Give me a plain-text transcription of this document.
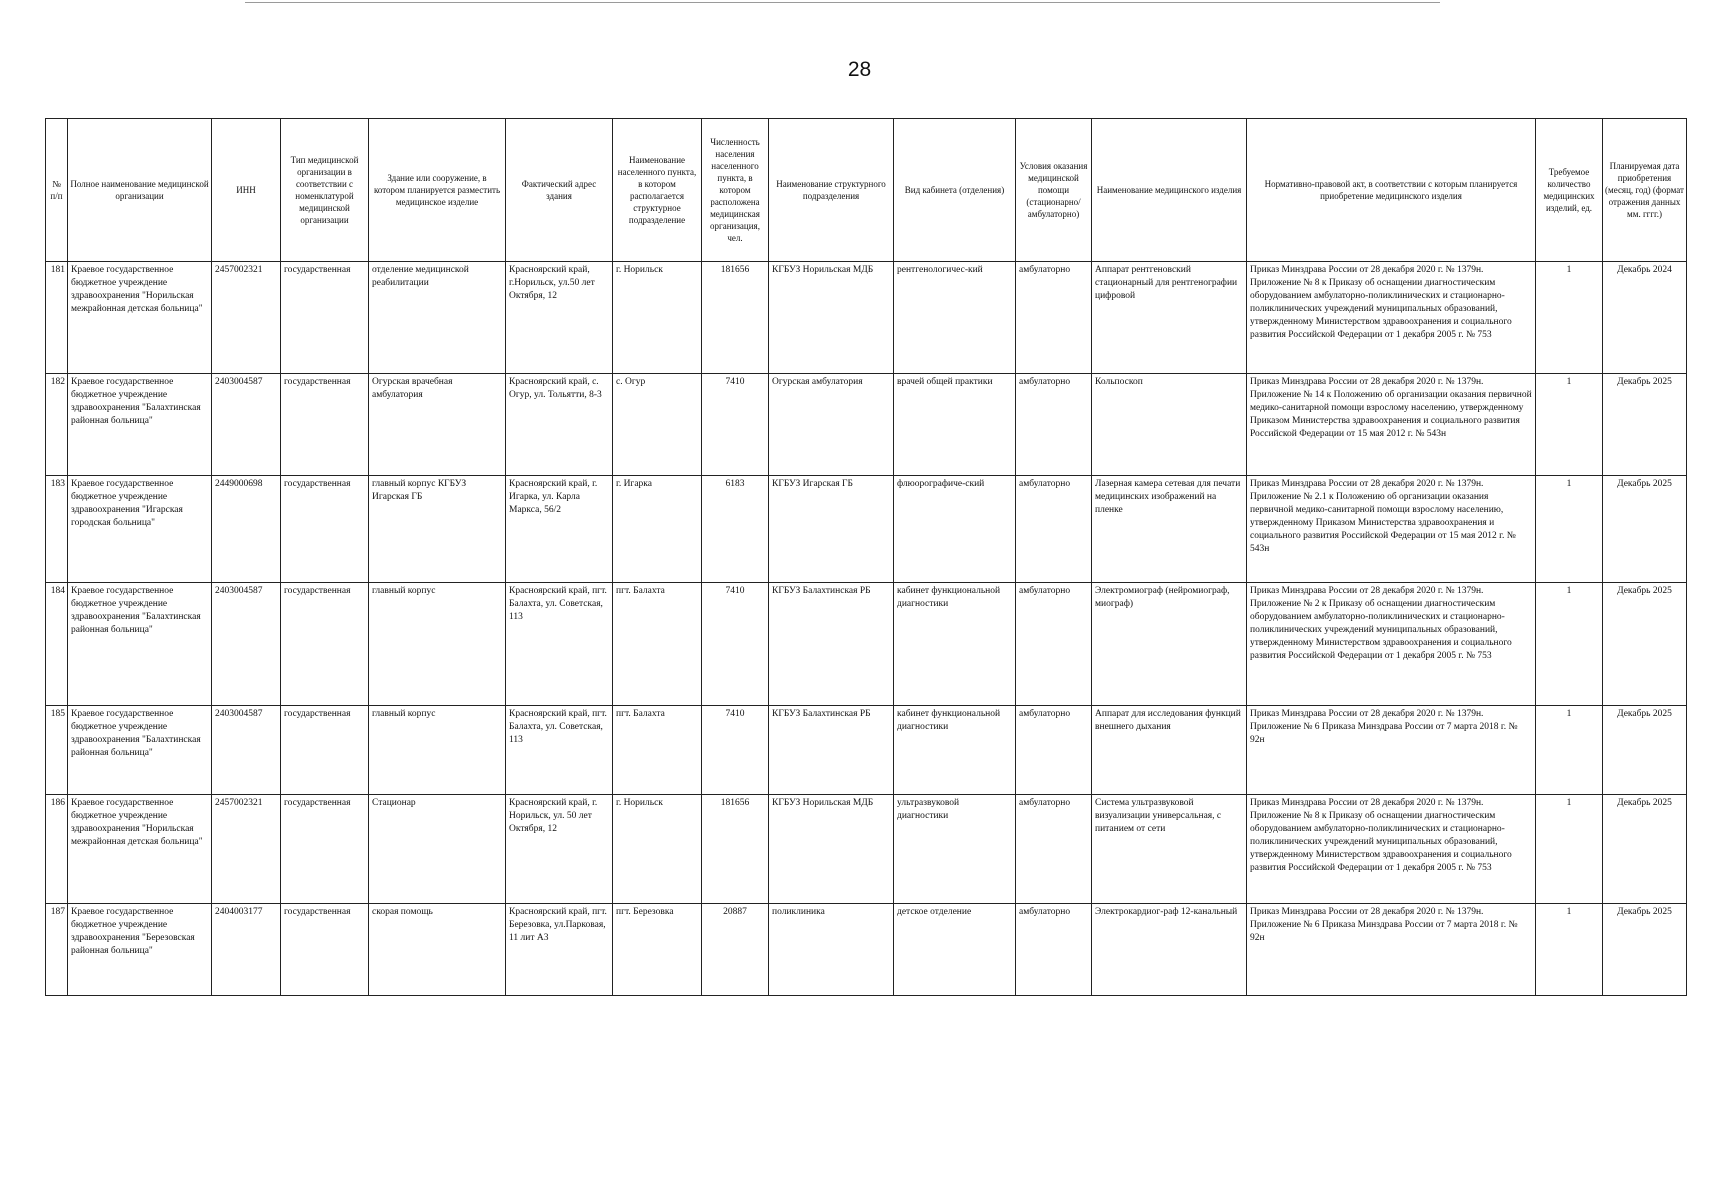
28
№ п/п	Полное наименование медицинской организации	ИНН	Тип медицинской организации в соответствии с номенклатурой медицинской организации	Здание или сооружение, в котором планируется разместить медицинское изделие	Фактический адрес здания	Наименование населенного пункта, в котором располагается структурное подразделение	Численность населения населенного пункта, в котором расположена медицинская организация, чел.	Наименование структурного подразделения	Вид кабинета (отделения)	Условия оказания медицинской помощи (стационарно/ амбулаторно)	Наименование медицинского изделия	Нормативно-правовой акт, в соответствии с которым планируется приобретение медицинского изделия	Требуемое количество медицинских изделий, ед.	Планируемая дата приобретения (месяц, год) (формат отражения данных мм. гггг.)
181	Краевое государственное бюджетное учреждение здравоохранения "Норильская межрайонная детская больница"	2457002321	государственная	отделение медицинской реабилитации	Красноярский край, г.Норильск, ул.50 лет Октября, 12	г. Норильск	181656	КГБУЗ Норильская МДБ	рентгенологичес-кий	амбулаторно	Аппарат рентгеновский стационарный для рентгенографии цифровой	Приказ Минздрава России от 28 декабря 2020 г. № 1379н. Приложение № 8 к Приказу об оснащении диагностическим оборудованием амбулаторно-поликлинических и стационарно-поликлинических учреждений муниципальных образований, утвержденному Министерством здравоохранения и социального развития Российской Федерации от 1 декабря 2005 г. № 753	1	Декабрь 2024
182	Краевое государственное бюджетное учреждение здравоохранения "Балахтинская районная больница"	2403004587	государственная	Огурская врачебная амбулатория	Красноярский край, с. Огур, ул. Тольятти, 8-3	с. Огур	7410	Огурская амбулатория	врачей общей практики	амбулаторно	Кольпоскоп	Приказ Минздрава России от 28 декабря 2020 г. № 1379н. Приложение № 14 к Положению об организации оказания первичной медико-санитарной помощи взрослому населению, утвержденному Приказом Министерства здравоохранения и социального развития Российской Федерации от 15 мая 2012 г. № 543н	1	Декабрь 2025
183	Краевое государственное бюджетное учреждение здравоохранения "Игарская городская больница"	2449000698	государственная	главный корпус КГБУЗ Игарская ГБ	Красноярский край, г. Игарка, ул. Карла Маркса, 56/2	г. Игарка	6183	КГБУЗ Игарская ГБ	флюорографиче-ский	амбулаторно	Лазерная камера сетевая для печати медицинских изображений на пленке	Приказ Минздрава России от 28 декабря 2020 г. № 1379н. Приложение № 2.1 к Положению об организации оказания первичной медико-санитарной помощи взрослому населению, утвержденному Приказом Министерства здравоохранения и социального развития Российской Федерации от 15 мая 2012 г. № 543н	1	Декабрь 2025
184	Краевое государственное бюджетное учреждение здравоохранения "Балахтинская районная больница"	2403004587	государственная	главный корпус	Красноярский край, пгт. Балахта, ул. Советская, 113	пгт. Балахта	7410	КГБУЗ Балахтинская РБ	кабинет функциональной диагностики	амбулаторно	Электромиограф (нейромиограф, миограф)	Приказ Минздрава России от 28 декабря 2020 г. № 1379н. Приложение № 2 к Приказу об оснащении диагностическим оборудованием амбулаторно-поликлинических и стационарно-поликлинических учреждений муниципальных образований, утвержденному Министерством здравоохранения и социального развития Российской Федерации от 1 декабря 2005 г. № 753	1	Декабрь 2025
185	Краевое государственное бюджетное учреждение здравоохранения "Балахтинская районная больница"	2403004587	государственная	главный корпус	Красноярский край, пгт. Балахта, ул. Советская, 113	пгт. Балахта	7410	КГБУЗ Балахтинская РБ	кабинет функциональной диагностики	амбулаторно	Аппарат для исследования функций внешнего дыхания	Приказ Минздрава России от 28 декабря 2020 г. № 1379н. Приложение № 6 Приказа Минздрава России от 7 марта 2018 г. № 92н	1	Декабрь 2025
186	Краевое государственное бюджетное учреждение здравоохранения "Норильская межрайонная детская больница"	2457002321	государственная	Стационар	Красноярский край, г. Норильск, ул. 50 лет Октября, 12	г. Норильск	181656	КГБУЗ Норильская МДБ	ультразвуковой диагностики	амбулаторно	Система ультразвуковой визуализации универсальная, с питанием от сети	Приказ Минздрава России от 28 декабря 2020 г. № 1379н. Приложение № 8 к Приказу об оснащении диагностическим оборудованием амбулаторно-поликлинических и стационарно-поликлинических учреждений муниципальных образований, утвержденному Министерством здравоохранения и социального развития Российской Федерации от 1 декабря 2005 г. № 753	1	Декабрь 2025
187	Краевое государственное бюджетное учреждение здравоохранения "Березовская районная больница"	2404003177	государственная	скорая помощь	Красноярский край, пгт. Березовка, ул.Парковая, 11 лит А3	пгт. Березовка	20887	поликлиника	детское отделение	амбулаторно	Электрокардиог-раф 12-канальный	Приказ Минздрава России от 28 декабря 2020 г. № 1379н. Приложение № 6 Приказа Минздрава России от 7 марта 2018 г. № 92н	1	Декабрь 2025
